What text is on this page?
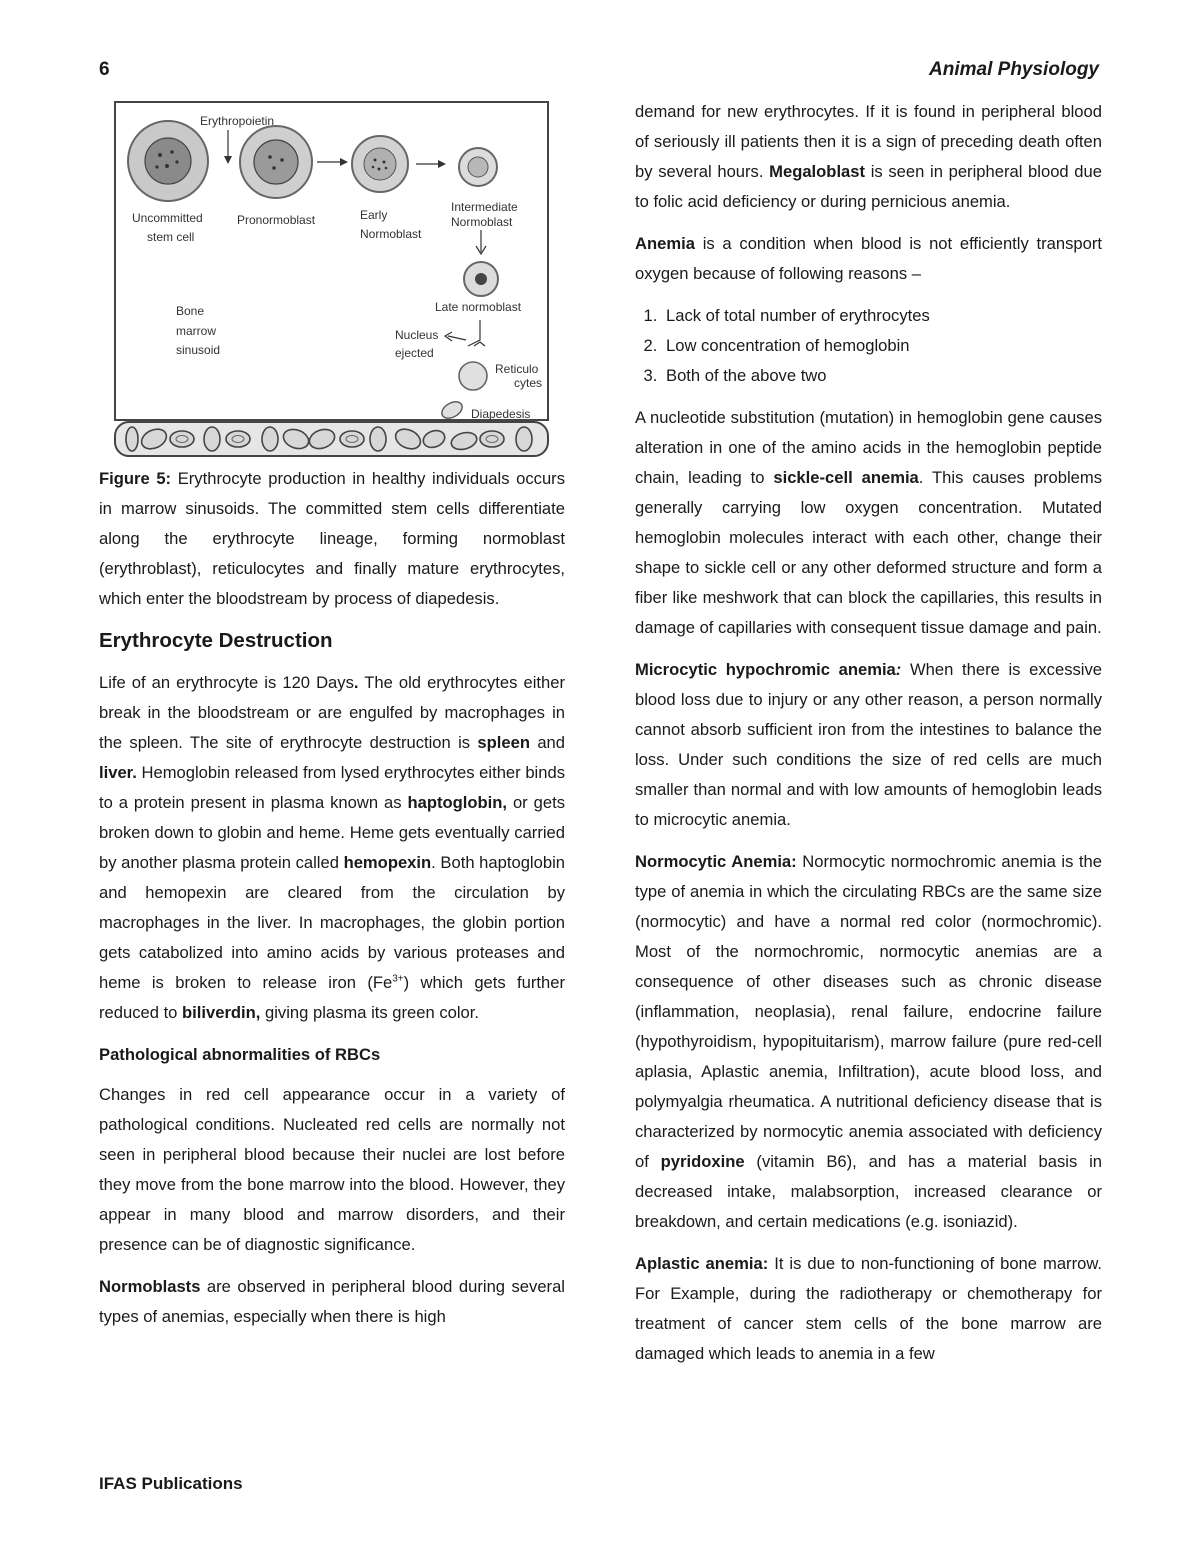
6	Animal Physiology
Erythropoietin
Uncommitted
stem cell
Pronormoblast	Early
Normoblast
Intermediate
Normoblast
Late normoblast
Bone
marrow
sinusoid
Nucleus
ejected
Reticulo
cytes
Diapedesis

Figure 5: Erythrocyte production in healthy individuals occurs in marrow sinusoids. The committed stem cells differentiate along the erythrocyte lineage, forming normoblast (erythroblast), reticulocytes and finally mature erythrocytes, which enter the bloodstream by process of diapedesis.

Erythrocyte Destruction

Life of an erythrocyte is 120 Days. The old erythrocytes either break in the bloodstream or are engulfed by macrophages in the spleen. The site of erythrocyte destruction is spleen and liver. Hemoglobin released from lysed erythrocytes either binds to a protein present in plasma known as haptoglobin, or gets broken down to globin and heme. Heme gets eventually carried by another plasma protein called hemopexin. Both haptoglobin and hemopexin are cleared from the circulation by macrophages in the liver. In macrophages, the globin portion gets catabolized into amino acids by various proteases and heme is broken to release iron $(Fe^{3+})$ which gets further reduced to biliverdin, giving plasma its green color.

Pathological abnormalities of RBCs

Changes in red cell appearance occur in a variety of pathological conditions. Nucleated red cells are normally not seen in peripheral blood because their nuclei are lost before they move from the bone marrow into the blood. However, they appear in many blood and marrow disorders, and their presence can be of diagnostic significance.

Normoblasts are observed in peripheral blood during several types of anemias, especially when there is high

demand for new erythrocytes. If it is found in peripheral blood of seriously ill patients then it is a sign of preceding death often by several hours. Megaloblast is seen in peripheral blood due to folic acid deficiency or during pernicious anemia.

Anemia is a condition when blood is not efficiently transport oxygen because of following reasons –

1. Lack of total number of erythrocytes
2. Low concentration of hemoglobin
3. Both of the above two

A nucleotide substitution (mutation) in hemoglobin gene causes alteration in one of the amino acids in the hemoglobin peptide chain, leading to sickle-cell anemia. This causes problems generally carrying low oxygen concentration. Mutated hemoglobin molecules interact with each other, change their shape to sickle cell or any other deformed structure and form a fiber like meshwork that can block the capillaries, this results in damage of capillaries with consequent tissue damage and pain.

Microcytic hypochromic anemia: When there is excessive blood loss due to injury or any other reason, a person normally cannot absorb sufficient iron from the intestines to balance the loss. Under such conditions the size of red cells are much smaller than normal and with low amounts of hemoglobin leads to microcytic anemia.

Normocytic Anemia: Normocytic normochromic anemia is the type of anemia in which the circulating RBCs are the same size (normocytic) and have a normal red color (normochromic). Most of the normochromic, normocytic anemias are a consequence of other diseases such as chronic disease (inflammation, neoplasia), renal failure, endocrine failure (hypothyroidism, hypopituitarism), marrow failure (pure red-cell aplasia, Aplastic anemia, Infiltration), acute blood loss, and polymyalgia rheumatica. A nutritional deficiency disease that is characterized by normocytic anemia associated with deficiency of pyridoxine (vitamin B6), and has a material basis in decreased intake, malabsorption, increased clearance or breakdown, and certain medications (e.g. isoniazid).

Aplastic anemia: It is due to non-functioning of bone marrow. For Example, during the radiotherapy or chemotherapy for treatment of cancer stem cells of the bone marrow are damaged which leads to anemia in a few

IFAS Publications
